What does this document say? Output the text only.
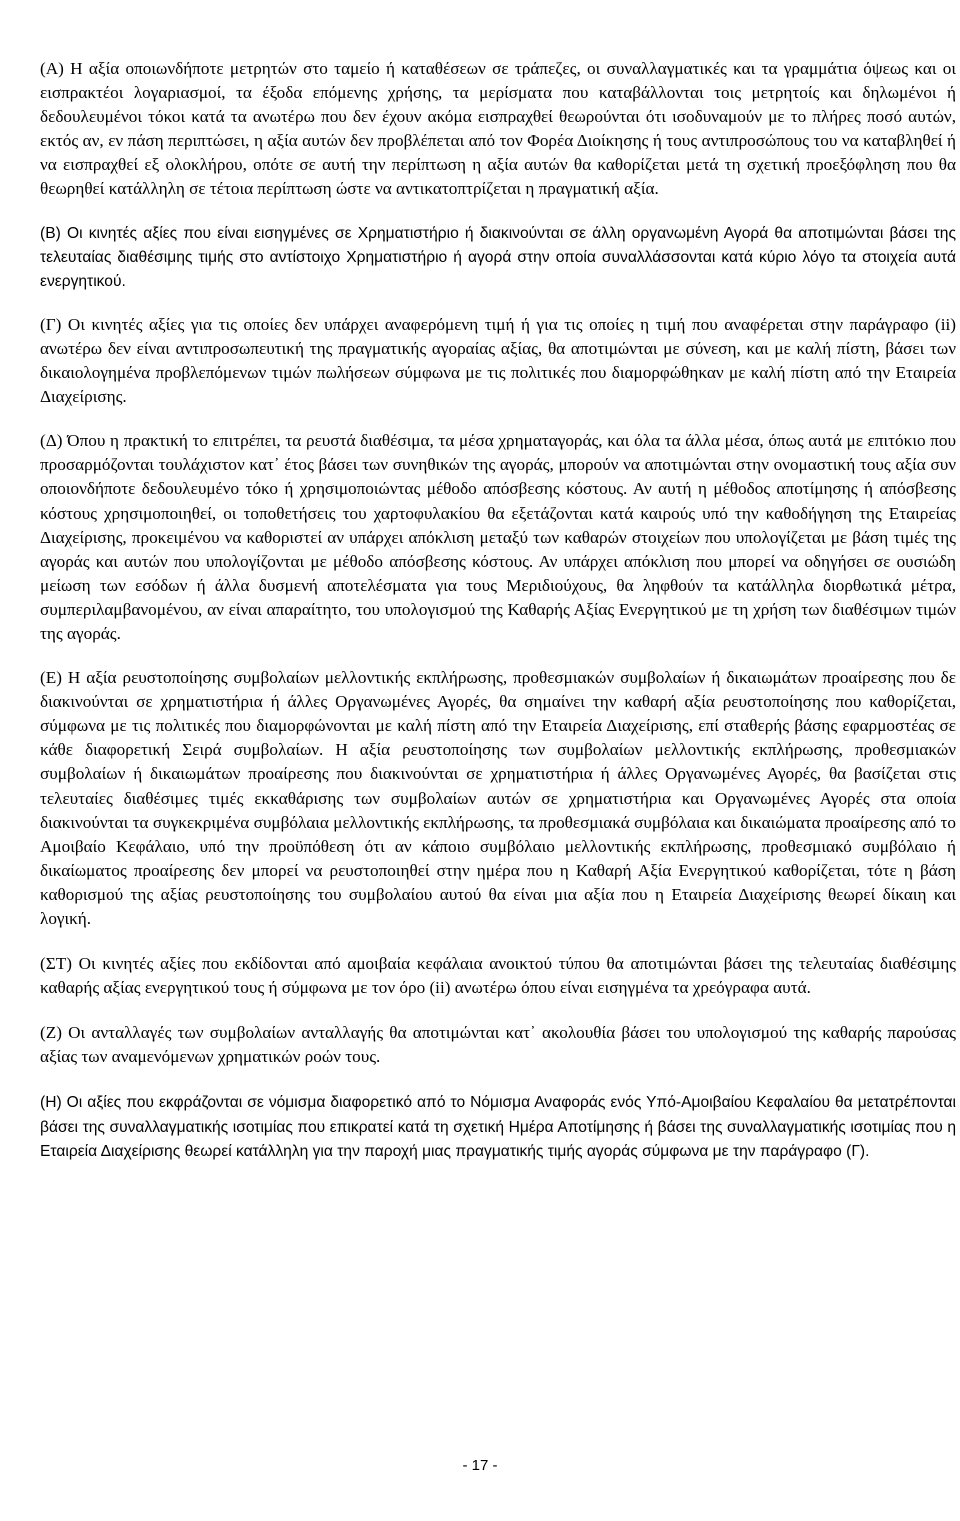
(Α) Η αξία οποιωνδήποτε μετρητών στο ταμείο ή καταθέσεων σε τράπεζες, οι συναλλαγματικές και τα γραμμάτια όψεως και οι εισπρακτέοι λογαριασμοί, τα έξοδα επόμενης χρήσης, τα μερίσματα που καταβάλλονται τοις μετρητοίς και δηλωμένοι ή δεδουλευμένοι τόκοι κατά τα ανωτέρω που δεν έχουν ακόμα εισπραχθεί θεωρούνται ότι ισοδυναμούν με το πλήρες ποσό αυτών, εκτός αν, εν πάση περιπτώσει, η αξία αυτών δεν προβλέπεται από τον Φορέα Διοίκησης ή τους αντιπροσώπους του να καταβληθεί ή να εισπραχθεί εξ ολοκλήρου, οπότε σε αυτή την περίπτωση η αξία αυτών θα καθορίζεται μετά τη σχετική προεξόφληση που θα θεωρηθεί κατάλληλη σε τέτοια περίπτωση ώστε να αντικατοπτρίζεται η πραγματική αξία.

(Β) Οι κινητές αξίες που είναι εισηγμένες σε Χρηματιστήριο ή διακινούνται σε άλλη οργανωμένη Αγορά θα αποτιμώνται βάσει της τελευταίας διαθέσιμης τιμής στο αντίστοιχο Χρηματιστήριο ή αγορά στην οποία συναλλάσσονται κατά κύριο λόγο τα στοιχεία αυτά ενεργητικού.

(Γ) Οι κινητές αξίες για τις οποίες δεν υπάρχει αναφερόμενη τιμή ή για τις οποίες η τιμή που αναφέρεται στην παράγραφο (ii) ανωτέρω δεν είναι αντιπροσωπευτική της πραγματικής αγοραίας αξίας, θα αποτιμώνται με σύνεση, και με καλή πίστη, βάσει των δικαιολογημένα προβλεπόμενων τιμών πωλήσεων σύμφωνα με τις πολιτικές που διαμορφώθηκαν με καλή πίστη από την Εταιρεία Διαχείρισης.

(Δ) Όπου η πρακτική το επιτρέπει, τα ρευστά διαθέσιμα, τα μέσα χρηματαγοράς, και όλα τα άλλα μέσα, όπως αυτά με επιτόκιο που προσαρμόζονται τουλάχιστον κατ᾽ έτος βάσει των συνηθικών της αγοράς, μπορούν να αποτιμώνται στην ονομαστική τους αξία συν οποιονδήποτε δεδουλευμένο τόκο ή χρησιμοποιώντας μέθοδο απόσβεσης κόστους. Αν αυτή η μέθοδος αποτίμησης ή απόσβεσης κόστους χρησιμοποιηθεί, οι τοποθετήσεις του χαρτοφυλακίου θα εξετάζονται κατά καιρούς υπό την καθοδήγηση της Εταιρείας Διαχείρισης, προκειμένου να καθοριστεί αν υπάρχει απόκλιση μεταξύ των καθαρών στοιχείων που υπολογίζεται με βάση τιμές της αγοράς και αυτών που υπολογίζονται με μέθοδο απόσβεσης κόστους. Αν υπάρχει απόκλιση που μπορεί να οδηγήσει σε ουσιώδη μείωση των εσόδων ή άλλα δυσμενή αποτελέσματα για τους Μεριδιούχους, θα ληφθούν τα κατάλληλα διορθωτικά μέτρα, συμπεριλαμβανομένου, αν είναι απαραίτητο, του υπολογισμού της Καθαρής Αξίας Ενεργητικού με τη χρήση των διαθέσιμων τιμών της αγοράς.

(Ε) Η αξία ρευστοποίησης συμβολαίων μελλοντικής εκπλήρωσης, προθεσμιακών συμβολαίων ή δικαιωμάτων προαίρεσης που δε διακινούνται σε χρηματιστήρια ή άλλες Οργανωμένες Αγορές, θα σημαίνει την καθαρή αξία ρευστοποίησης που καθορίζεται, σύμφωνα με τις πολιτικές που διαμορφώνονται με καλή πίστη από την Εταιρεία Διαχείρισης, επί σταθερής βάσης εφαρμοστέας σε κάθε διαφορετική Σειρά συμβολαίων. Η αξία ρευστοποίησης των συμβολαίων μελλοντικής εκπλήρωσης, προθεσμιακών συμβολαίων ή δικαιωμάτων προαίρεσης που διακινούνται σε χρηματιστήρια ή άλλες Οργανωμένες Αγορές, θα βασίζεται στις τελευταίες διαθέσιμες τιμές εκκαθάρισης των συμβολαίων αυτών σε χρηματιστήρια και Οργανωμένες Αγορές στα οποία διακινούνται τα συγκεκριμένα συμβόλαια μελλοντικής εκπλήρωσης, τα προθεσμιακά συμβόλαια και δικαιώματα προαίρεσης από το Αμοιβαίο Κεφάλαιο, υπό την προϋπόθεση ότι αν κάποιο συμβόλαιο μελλοντικής εκπλήρωσης, προθεσμιακό συμβόλαιο ή δικαίωματος προαίρεσης δεν μπορεί να ρευστοποιηθεί στην ημέρα που η Καθαρή Αξία Ενεργητικού καθορίζεται, τότε η βάση καθορισμού της αξίας ρευστοποίησης του συμβολαίου αυτού θα είναι μια αξία που η Εταιρεία Διαχείρισης θεωρεί δίκαιη και λογική.

(ΣΤ) Οι κινητές αξίες που εκδίδονται από αμοιβαία κεφάλαια ανοικτού τύπου θα αποτιμώνται βάσει της τελευταίας διαθέσιμης καθαρής αξίας ενεργητικού τους ή σύμφωνα με τον όρο (ii) ανωτέρω όπου είναι εισηγμένα τα χρεόγραφα αυτά.

(Ζ) Οι ανταλλαγές των συμβολαίων ανταλλαγής θα αποτιμώνται κατ᾽ ακολουθία βάσει του υπολογισμού της καθαρής παρούσας αξίας των αναμενόμενων χρηματικών ροών τους.

(Η) Οι αξίες που εκφράζονται σε νόμισμα διαφορετικό από το Νόμισμα Αναφοράς ενός Υπό-Αμοιβαίου Κεφαλαίου θα μετατρέπονται βάσει της συναλλαγματικής ισοτιμίας που επικρατεί κατά τη σχετική Ημέρα Αποτίμησης ή βάσει της συναλλαγματικής ισοτιμίας που η Εταιρεία Διαχείρισης θεωρεί κατάλληλη για την παροχή μιας πραγματικής τιμής αγοράς σύμφωνα με την παράγραφο (Γ).

- 17 -
